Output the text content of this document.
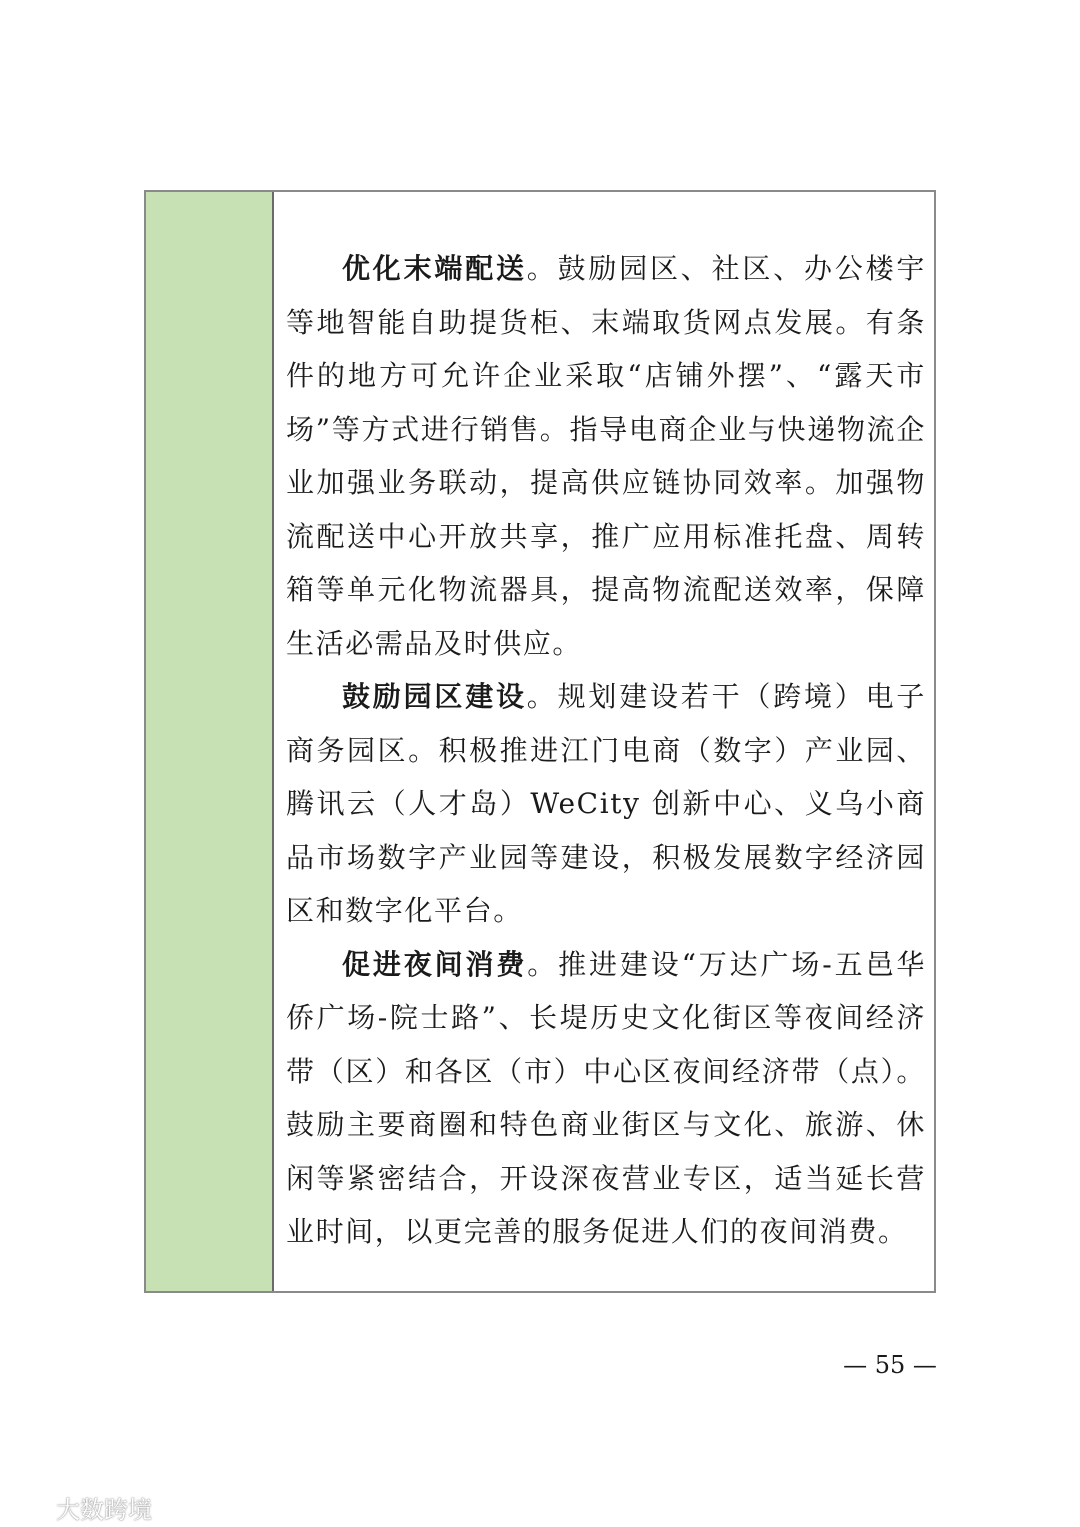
优化末端配送。鼓励园区、社区、办公楼宇等地智能自助提货柜、末端取货网点发展。有条件的地方可允许企业采取“店铺外摆”、“露天市场”等方式进行销售。指导电商企业与快递物流企业加强业务联动，提高供应链协同效率。加强物流配送中心开放共享，推广应用标准托盘、周转箱等单元化物流器具，提高物流配送效率，保障生活必需品及时供应。

鼓励园区建设。规划建设若干（跨境）电子商务园区。积极推进江门电商（数字）产业园、腾讯云（人才岛）WeCity 创新中心、义乌小商品市场数字产业园等建设，积极发展数字经济园区和数字化平台。

促进夜间消费。推进建设“万达广场-五邑华侨广场-院士路”、长堤历史文化街区等夜间经济带（区）和各区（市）中心区夜间经济带（点）。鼓励主要商圈和特色商业街区与文化、旅游、休闲等紧密结合，开设深夜营业专区，适当延长营业时间，以更完善的服务促进人们的夜间消费。

— 55 —
大数跨境
